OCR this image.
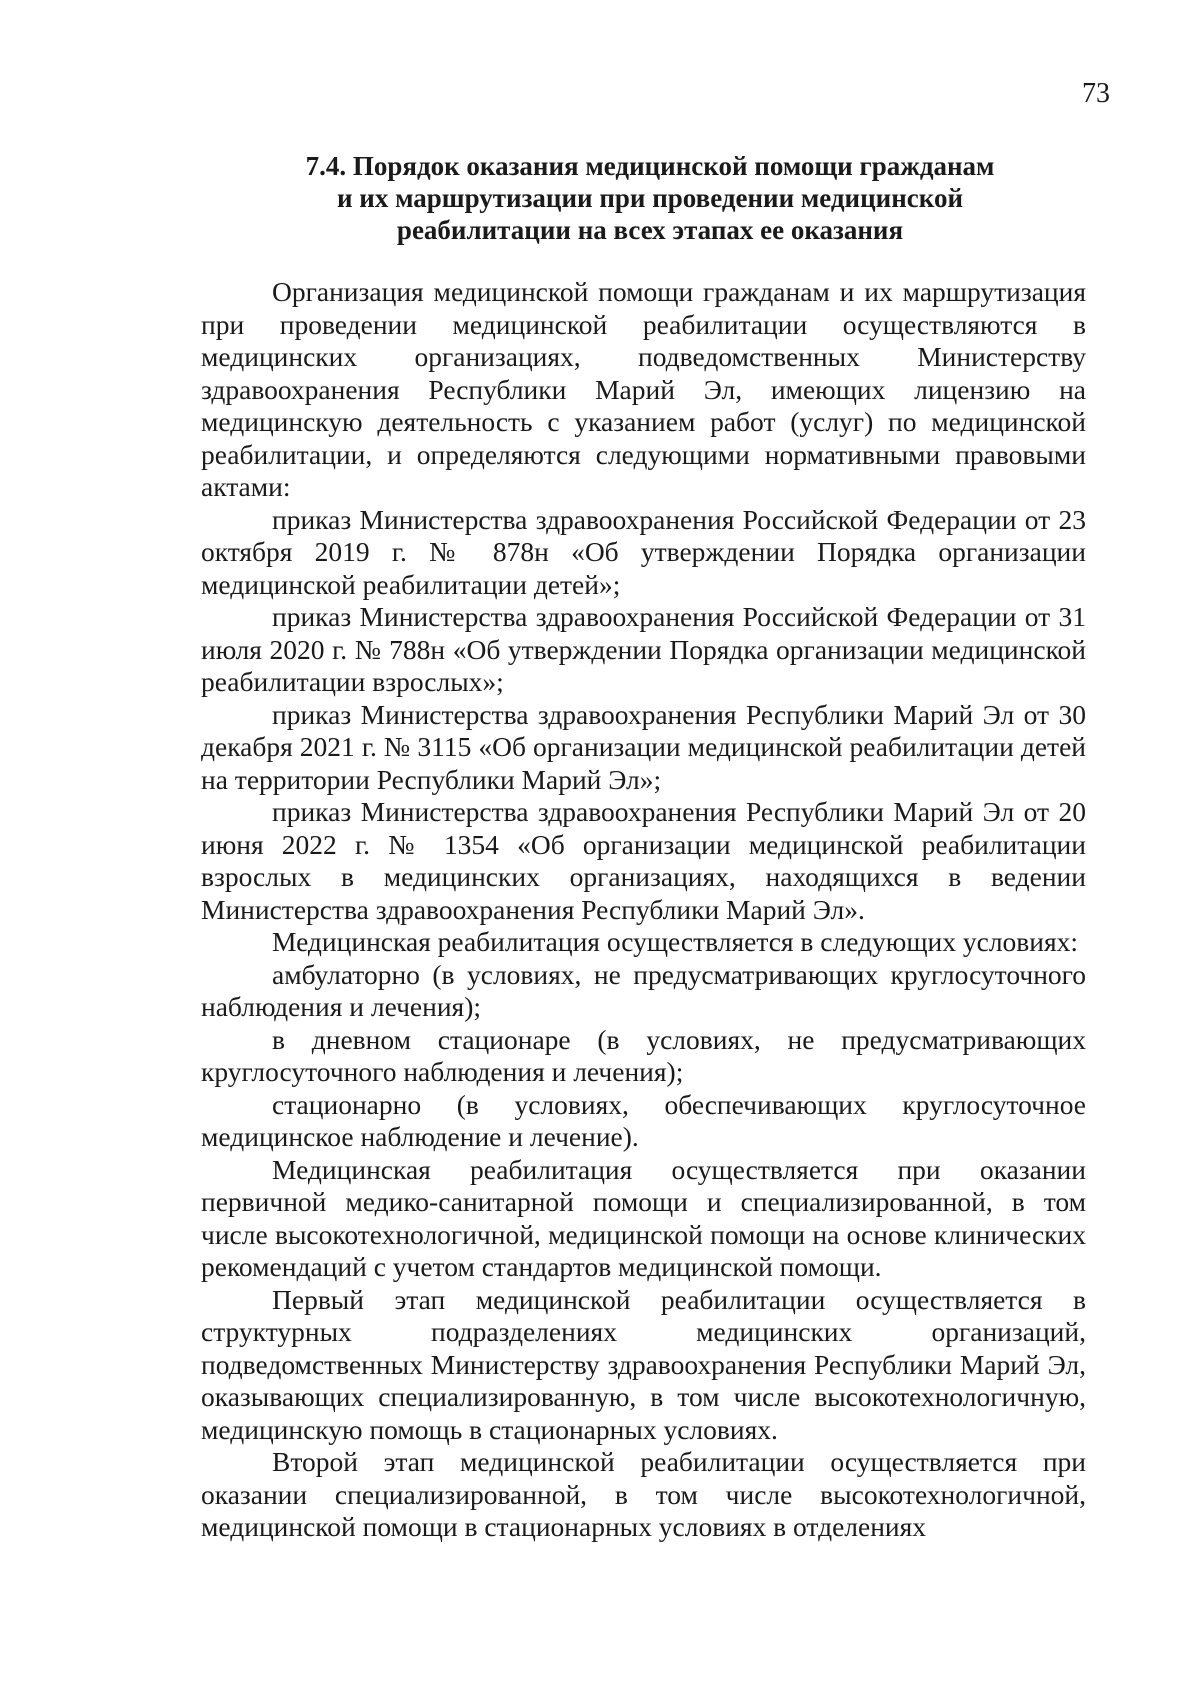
73
7.4. Порядок оказания медицинской помощи гражданам
и их маршрутизации при проведении медицинской
реабилитации на всех этапах ее оказания

Организация медицинской помощи гражданам и их маршрутизация при проведении медицинской реабилитации осуществляются в медицинских организациях, подведомственных Министерству здравоохранения Республики Марий Эл, имеющих лицензию на медицинскую деятельность с указанием работ (услуг) по медицинской реабилитации, и определяются следующими нормативными правовыми актами:

приказ Министерства здравоохранения Российской Федерации от 23 октября 2019 г. № 878н «Об утверждении Порядка организации медицинской реабилитации детей»;

приказ Министерства здравоохранения Российской Федерации от 31 июля 2020 г. № 788н «Об утверждении Порядка организации медицинской реабилитации взрослых»;

приказ Министерства здравоохранения Республики Марий Эл от 30 декабря 2021 г. № 3115 «Об организации медицинской реабилитации детей на территории Республики Марий Эл»;

приказ Министерства здравоохранения Республики Марий Эл от 20 июня 2022 г. № 1354 «Об организации медицинской реабилитации взрослых в медицинских организациях, находящихся в ведении Министерства здравоохранения Республики Марий Эл».

Медицинская реабилитация осуществляется в следующих условиях:

амбулаторно (в условиях, не предусматривающих круглосуточного наблюдения и лечения);

в дневном стационаре (в условиях, не предусматривающих круглосуточного наблюдения и лечения);

стационарно (в условиях, обеспечивающих круглосуточное медицинское наблюдение и лечение).

Медицинская реабилитация осуществляется при оказании первичной медико-санитарной помощи и специализированной, в том числе высокотехнологичной, медицинской помощи на основе клинических рекомендаций с учетом стандартов медицинской помощи.

Первый этап медицинской реабилитации осуществляется в структурных подразделениях медицинских организаций, подведомственных Министерству здравоохранения Республики Марий Эл, оказывающих специализированную, в том числе высокотехнологичную, медицинскую помощь в стационарных условиях.

Второй этап медицинской реабилитации осуществляется при оказании специализированной, в том числе высокотехнологичной, медицинской помощи в стационарных условиях в отделениях
